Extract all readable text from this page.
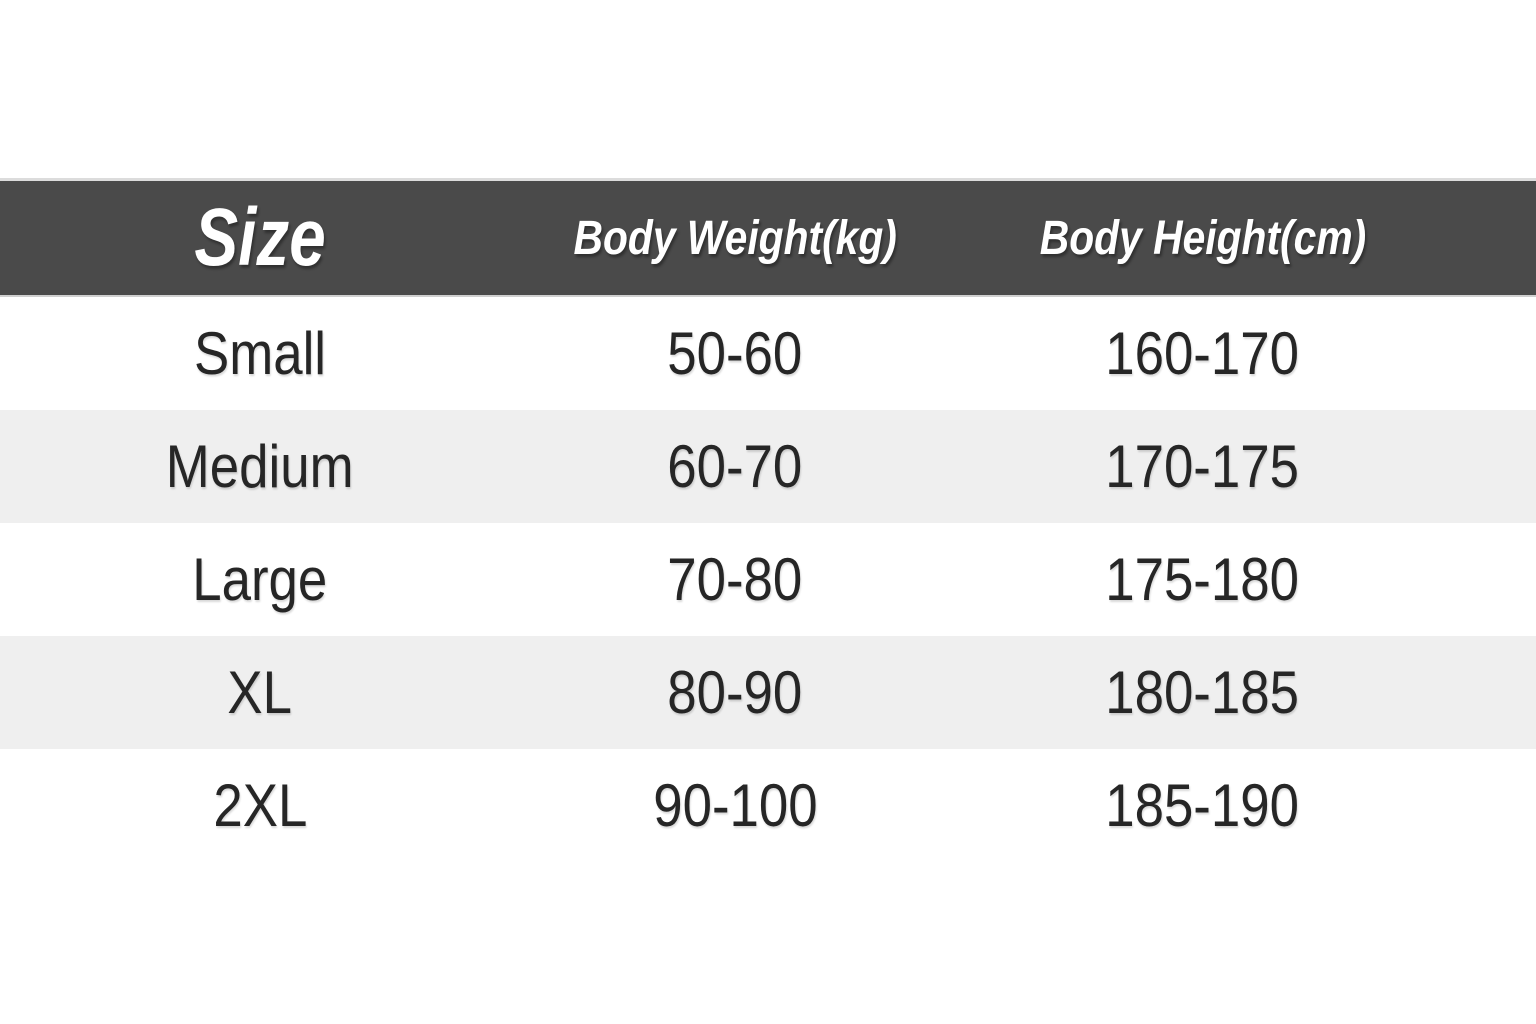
Size	Body Weight(kg)	Body Height(cm)
Small	50-60	160-170
Medium	60-70	170-175
Large	70-80	175-180
XL	80-90	180-185
2XL	90-100	185-190
